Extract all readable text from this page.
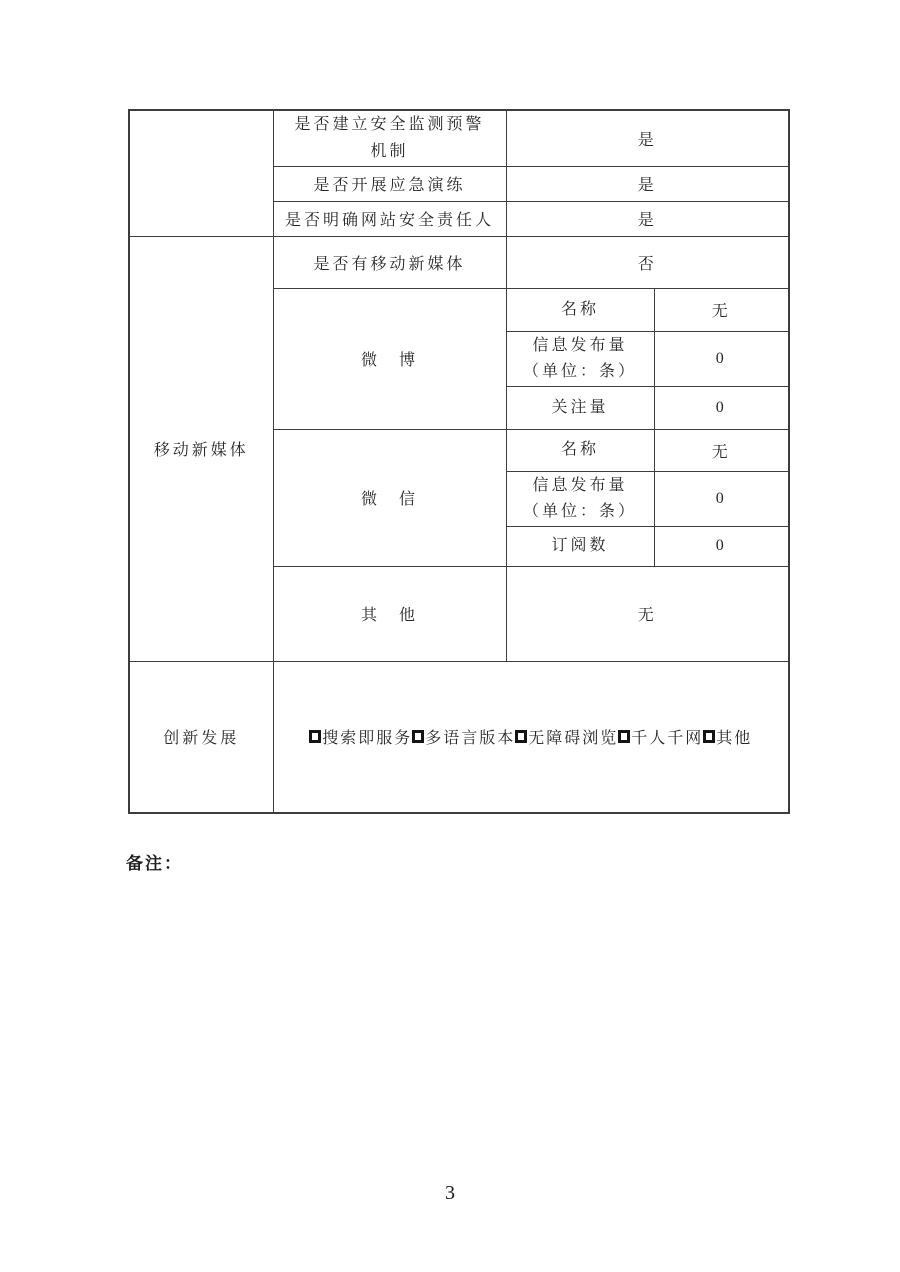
	是否建立安全监测预警
机制	是	
	是否开展应急演练	是	
	是否明确网站安全责任人	是	
移动新媒体	是否有移动新媒体	否	
	微　博	名称	无

		信息发布量
（单位：条）	0
		关注量	0
	微　信	名称	无

		信息发布量
（单位：条）	0
		订阅数	0
	其　他	无	
创新发展	搜索即服务 多语言版本 无障碍浏览 千人千网 其他		
备注：
3
